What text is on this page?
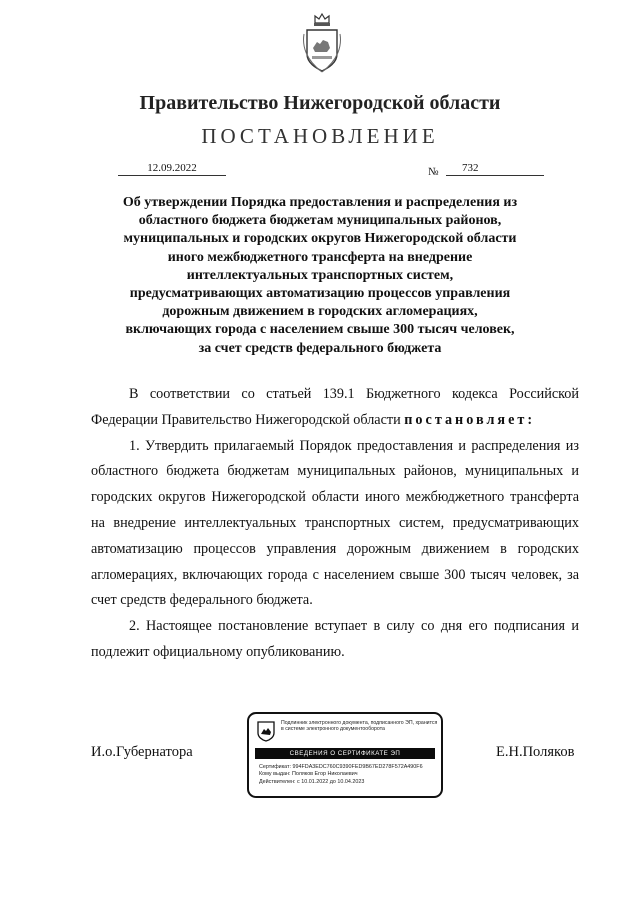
Правительство Нижегородской области
ПОСТАНОВЛЕНИЕ
12.09.2022	№	732
Об утверждении Порядка предоставления и распределения из
областного бюджета бюджетам муниципальных районов,
муниципальных и городских округов Нижегородской области
иного межбюджетного трансферта на внедрение
интеллектуальных транспортных систем,
предусматривающих автоматизацию процессов управления
дорожным движением в городских агломерациях,
включающих города с населением свыше 300 тысяч человек,
за счет средств федерального бюджета

В соответствии со статьей 139.1 Бюджетного кодекса Российской Федерации Правительство Нижегородской области постановляет:

1. Утвердить прилагаемый Порядок предоставления и распределения из областного бюджета бюджетам муниципальных районов, муниципальных и городских округов Нижегородской области иного межбюджетного трансферта на внедрение интеллектуальных транспортных систем, предусматривающих автоматизацию процессов управления дорожным движением в городских агломерациях, включающих города с населением свыше 300 тысяч человек, за счет средств федерального бюджета.

2. Настоящее постановление вступает в силу со дня его подписания и подлежит официальному опубликованию.

И.о.Губернатора
Подлинник электронного документа, подписанного ЭП, хранится в системе электронного документооборота
СВЕДЕНИЯ О СЕРТИФИКАТЕ ЭП
Сертификат: 994FDA3EDC760C9390FED9B67ED278F572A490F6
Кому выдан: Поляков Егор Николаевич
Действителен: с 10.01.2022 до 10.04.2023
Е.Н.Поляков
